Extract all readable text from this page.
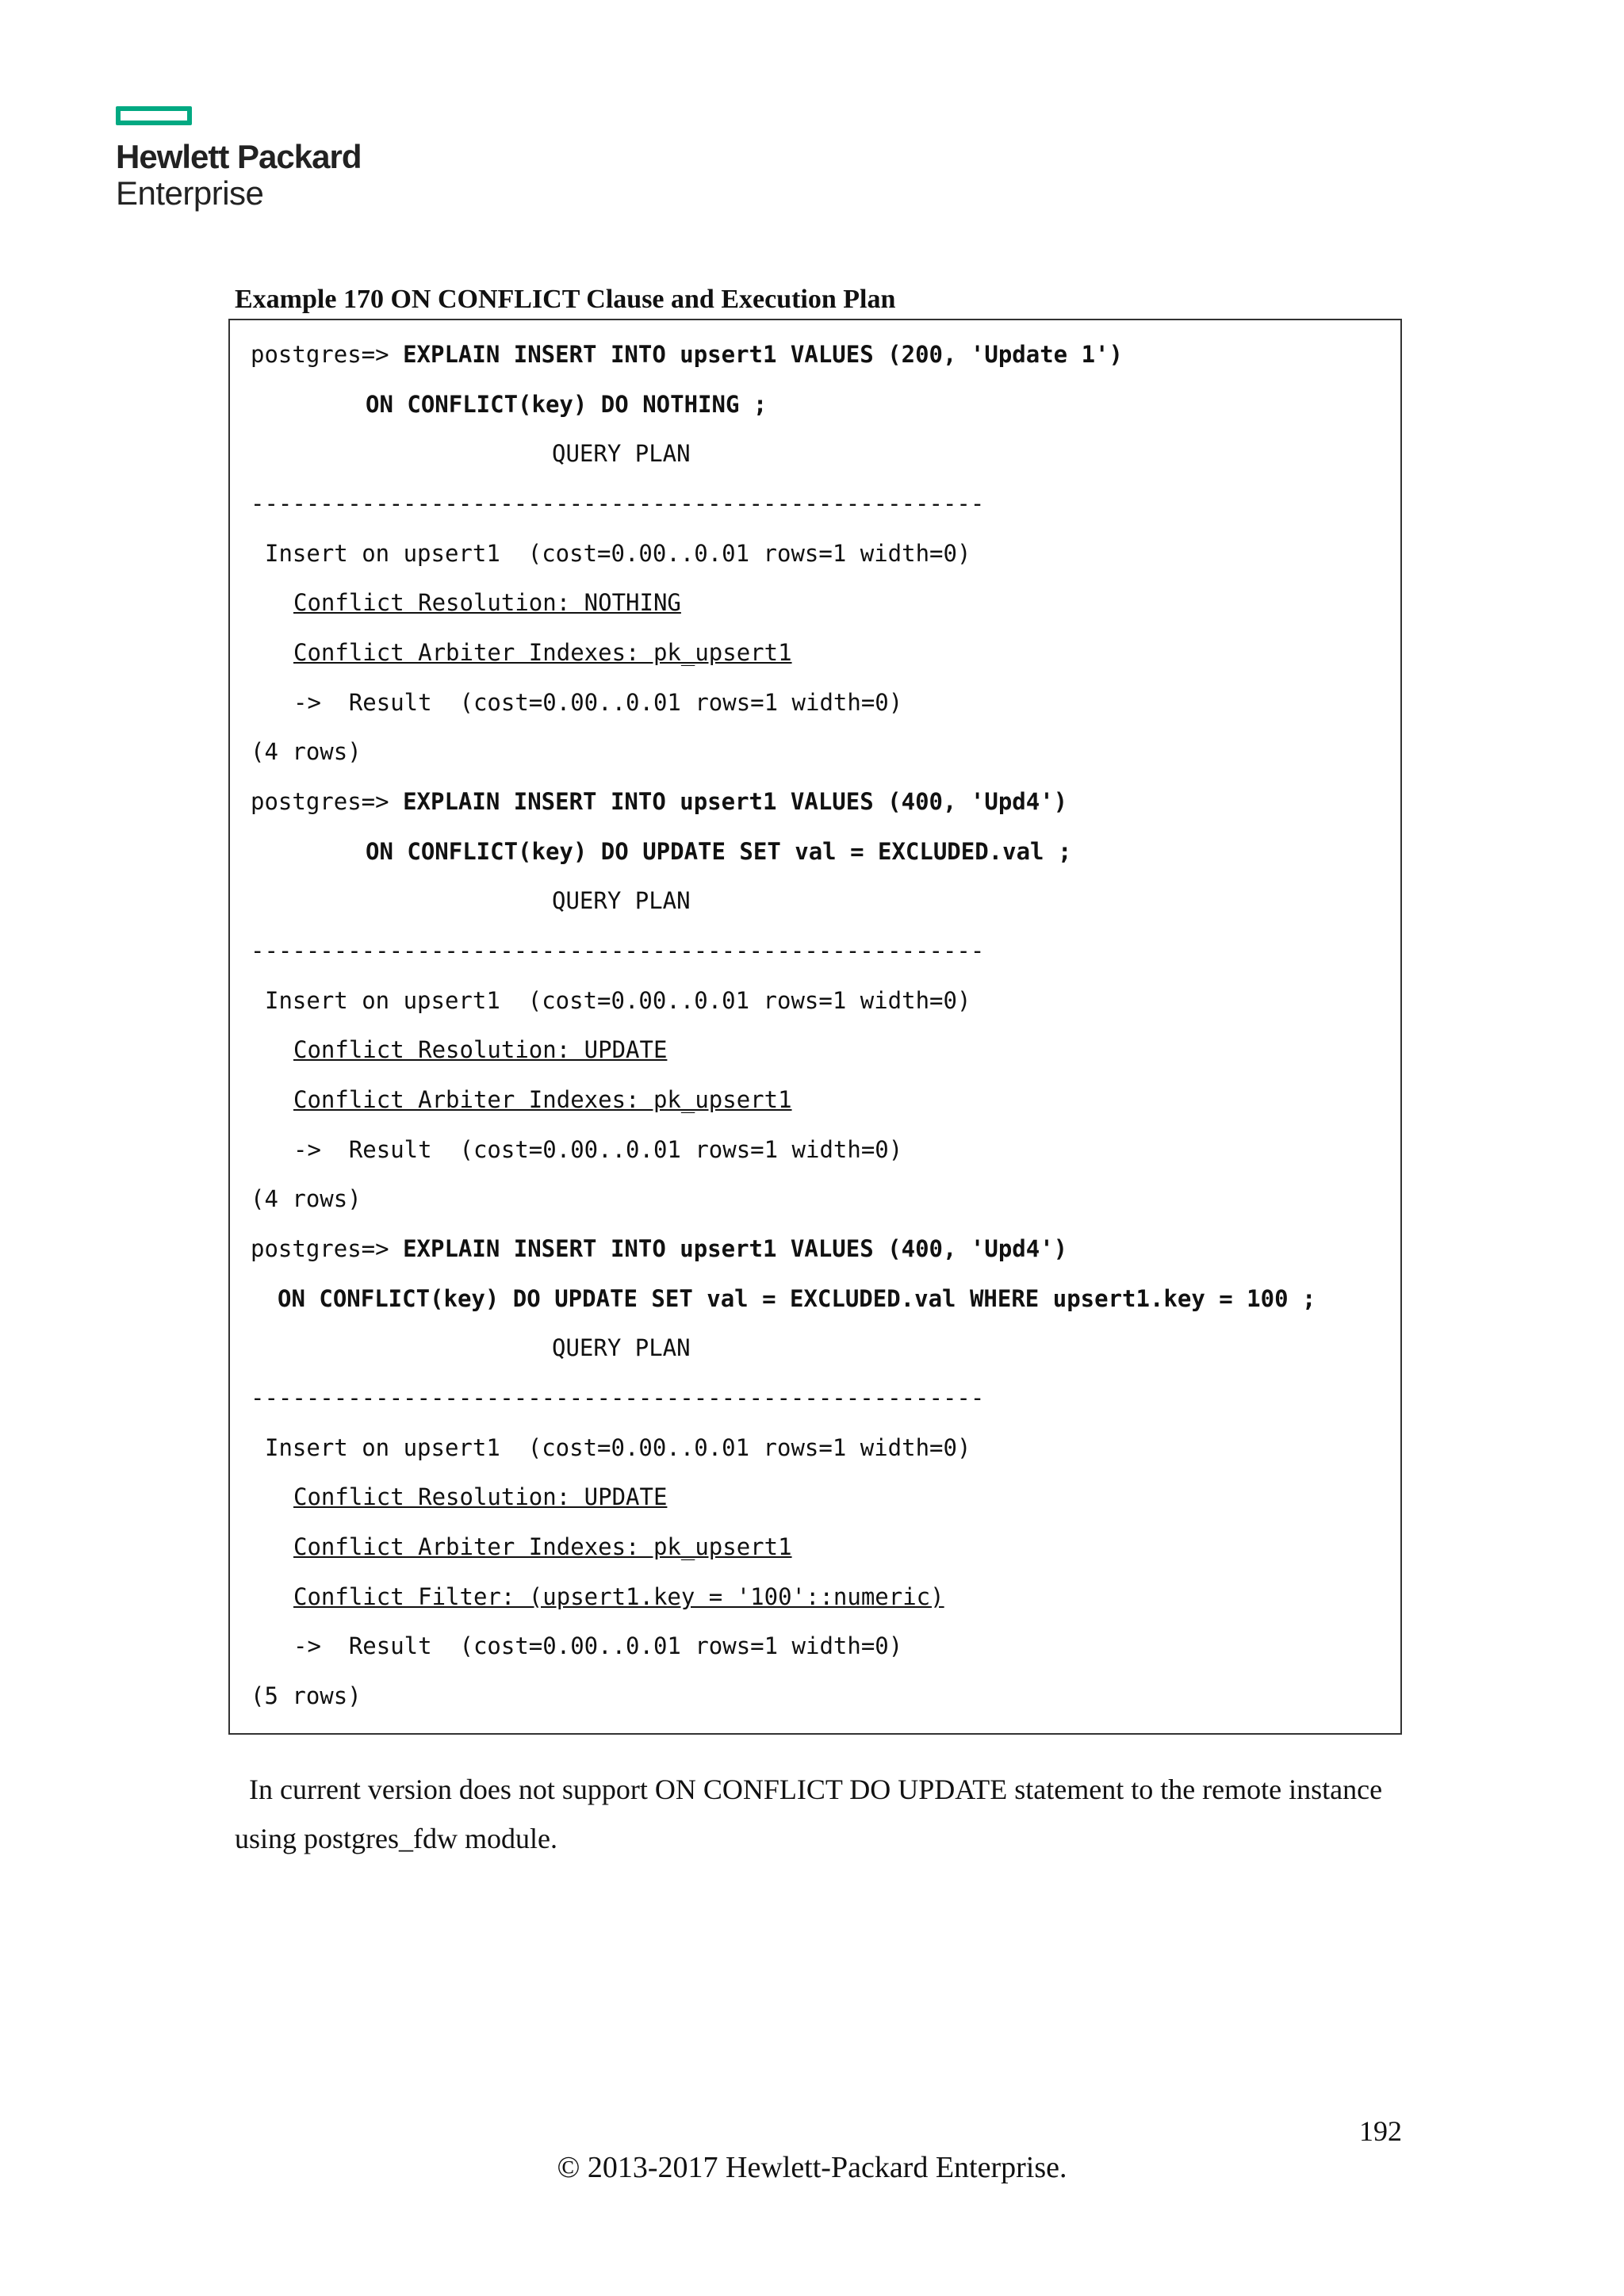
Hewlett Packard
Enterprise
Example 170 ON CONFLICT Clause and Execution Plan
postgres=> EXPLAIN INSERT INTO upsert1 VALUES (200, 'Update 1')
ON CONFLICT(key) DO NOTHING ;
QUERY PLAN
-----------------------------------------------------
Insert on upsert1  (cost=0.00..0.01 rows=1 width=0)
Conflict Resolution: NOTHING
Conflict Arbiter Indexes: pk_upsert1
->  Result  (cost=0.00..0.01 rows=1 width=0)
(4 rows)
postgres=> EXPLAIN INSERT INTO upsert1 VALUES (400, 'Upd4')
ON CONFLICT(key) DO UPDATE SET val = EXCLUDED.val ;
QUERY PLAN
-----------------------------------------------------
Insert on upsert1  (cost=0.00..0.01 rows=1 width=0)
Conflict Resolution: UPDATE
Conflict Arbiter Indexes: pk_upsert1
->  Result  (cost=0.00..0.01 rows=1 width=0)
(4 rows)
postgres=> EXPLAIN INSERT INTO upsert1 VALUES (400, 'Upd4')
ON CONFLICT(key) DO UPDATE SET val = EXCLUDED.val WHERE upsert1.key = 100 ;
QUERY PLAN
-----------------------------------------------------
Insert on upsert1  (cost=0.00..0.01 rows=1 width=0)
Conflict Resolution: UPDATE
Conflict Arbiter Indexes: pk_upsert1
Conflict Filter: (upsert1.key = '100'::numeric)
->  Result  (cost=0.00..0.01 rows=1 width=0)
(5 rows)
In current version does not support ON CONFLICT DO UPDATE statement to the remote instance using postgres_fdw module.
192
© 2013-2017 Hewlett-Packard Enterprise.
